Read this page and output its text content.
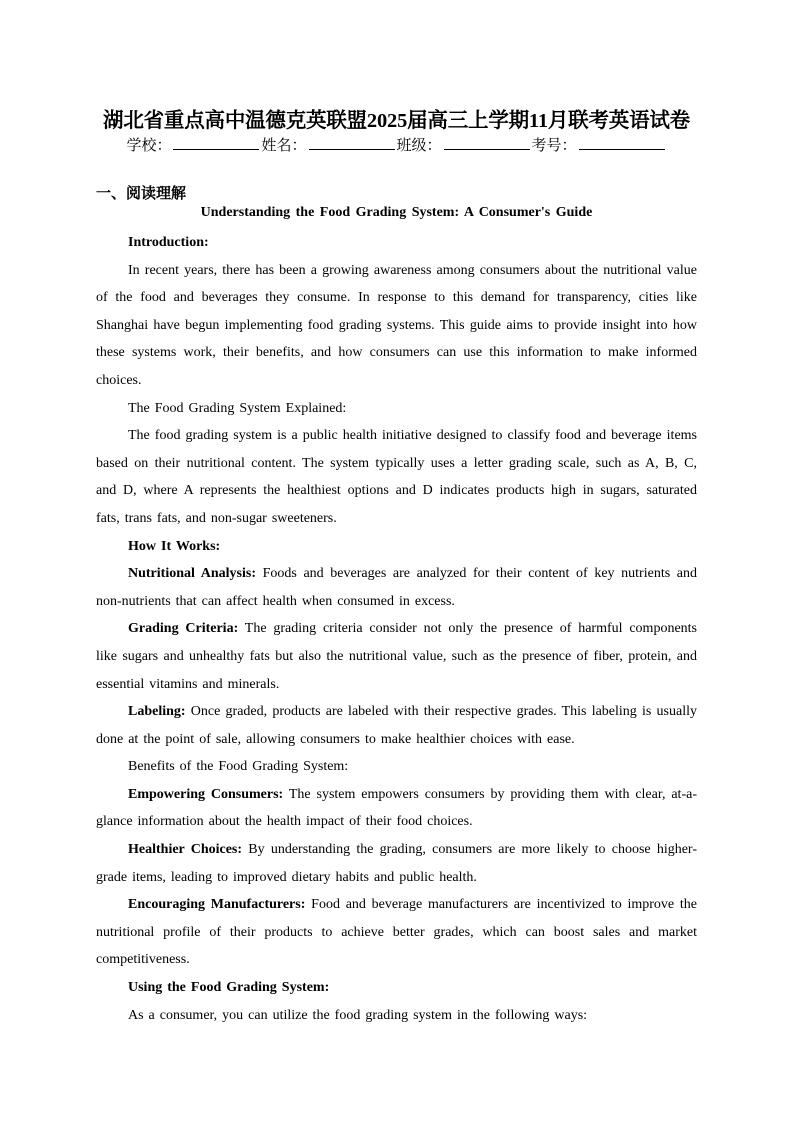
湖北省重点高中温德克英联盟2025届高三上学期11月联考英语试卷
学校：	姓名：	班级：	考号：
一、阅读理解
Understanding the Food Grading System: A Consumer's Guide

Introduction:

In recent years, there has been a growing awareness among consumers about the nutritional value of the food and beverages they consume. In response to this demand for transparency, cities like Shanghai have begun implementing food grading systems. This guide aims to provide insight into how these systems work, their benefits, and how consumers can use this information to make informed choices.

The Food Grading System Explained:

The food grading system is a public health initiative designed to classify food and beverage items based on their nutritional content. The system typically uses a letter grading scale, such as A, B, C, and D, where A represents the healthiest options and D indicates products high in sugars, saturated fats, trans fats, and non-sugar sweeteners.

How It Works:

Nutritional Analysis: Foods and beverages are analyzed for their content of key nutrients and non-nutrients that can affect health when consumed in excess.

Grading Criteria: The grading criteria consider not only the presence of harmful components like sugars and unhealthy fats but also the nutritional value, such as the presence of fiber, protein, and essential vitamins and minerals.

Labeling: Once graded, products are labeled with their respective grades. This labeling is usually done at the point of sale, allowing consumers to make healthier choices with ease.

Benefits of the Food Grading System:

Empowering Consumers: The system empowers consumers by providing them with clear, at-a-glance information about the health impact of their food choices.

Healthier Choices: By understanding the grading, consumers are more likely to choose higher-grade items, leading to improved dietary habits and public health.

Encouraging Manufacturers: Food and beverage manufacturers are incentivized to improve the nutritional profile of their products to achieve better grades, which can boost sales and market competitiveness.

Using the Food Grading System:

As a consumer, you can utilize the food grading system in the following ways:
